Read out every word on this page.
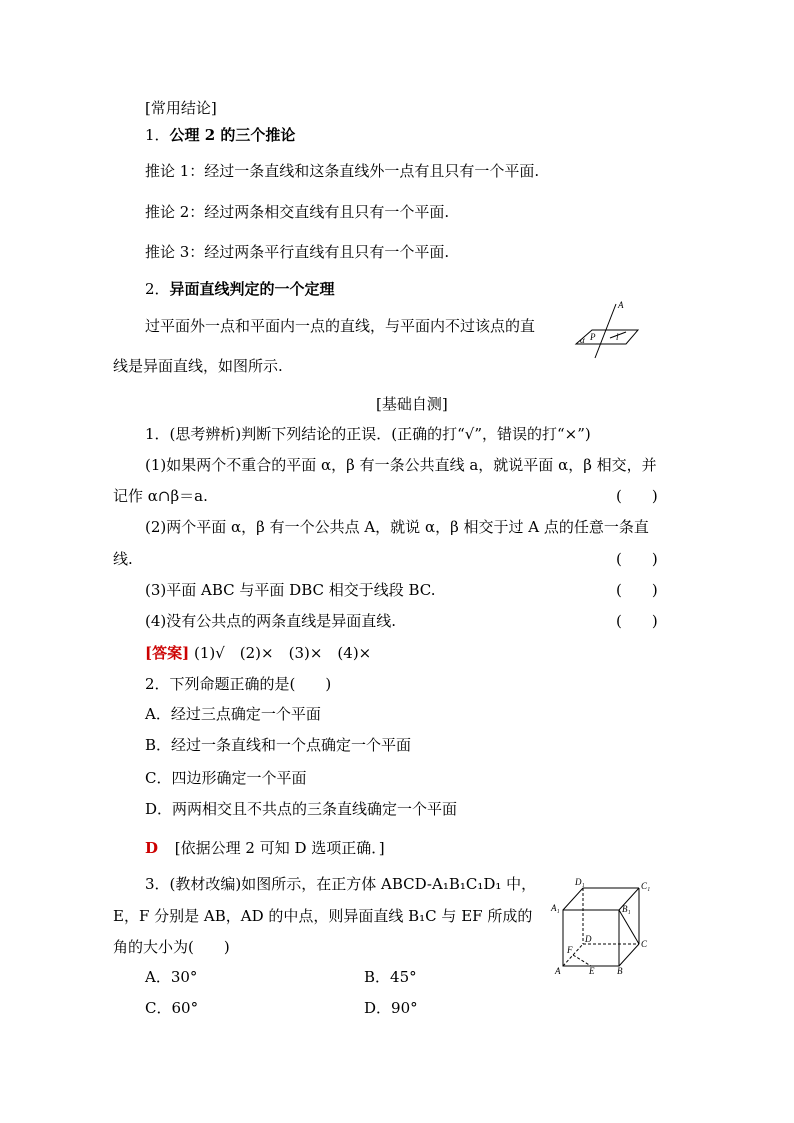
[常用结论]
1．公理 2 的三个推论
推论 1：经过一条直线和这条直线外一点有且只有一个平面.
推论 2：经过两条相交直线有且只有一个平面.
推论 3：经过两条平行直线有且只有一个平面.
2．异面直线判定的一个定理
过平面外一点和平面内一点的直线，与平面内不过该点的直
线是异面直线，如图所示.
A
P l
α
[基础自测]
1．(思考辨析)判断下列结论的正误．(正确的打“√”，错误的打“×”)
(1)如果两个不重合的平面 α，β 有一条公共直线 a，就说平面 α，β 相交，并
记作 α∩β＝a.	(　　)
(2)两个平面 α，β 有一个公共点 A，就说 α，β 相交于过 A 点的任意一条直
线.	(　　)
(3)平面 ABC 与平面 DBC 相交于线段 BC.	(　　)
(4)没有公共点的两条直线是异面直线.	(　　)
[答案] (1)√　(2)×　(3)×　(4)×
2．下列命题正确的是(　　)
A．经过三点确定一个平面
B．经过一条直线和一个点确定一个平面
C．四边形确定一个平面
D．两两相交且不共点的三条直线确定一个平面
D [依据公理 2 可知 D 选项正确．]
3．(教材改编)如图所示，在正方体 ABCD-A₁B₁C₁D₁ 中，
E，F 分别是 AB，AD 的中点，则异面直线 B₁C 与 EF 所成的
角的大小为(　　)
A．30°	B．45°
C．60°	D．90°
D₁	C₁
A₁	B₁
D	C
F
A	E	B
